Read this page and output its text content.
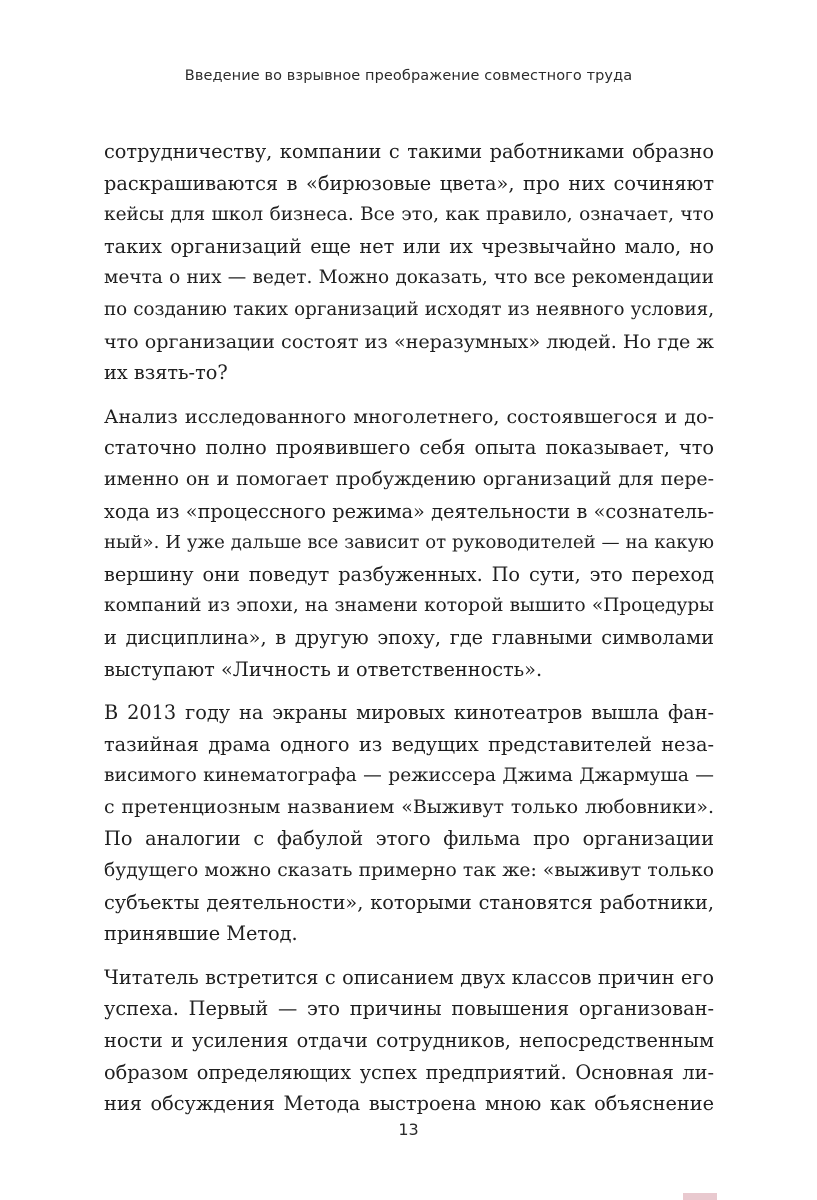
Введение во взрывное преображение совместного труда

сотрудничеству, компании с такими работниками образно
раскрашиваются в «бирюзовые цвета», про них сочиняют
кейсы для школ бизнеса. Все это, как правило, означает, что
таких организаций еще нет или их чрезвычайно мало, но
мечта о них — ведет. Можно доказать, что все рекомендации
по созданию таких организаций исходят из неявного условия,
что организации состоят из «неразумных» людей. Но где ж
их взять-то?

Анализ исследованного многолетнего, состоявшегося и до-
статочно полно проявившего себя опыта показывает, что
именно он и помогает пробуждению организаций для пере-
хода из «процессного режима» деятельности в «сознатель-
ный». И уже дальше все зависит от руководителей — на какую
вершину они поведут разбуженных. По сути, это переход
компаний из эпохи, на знамени которой вышито «Процедуры
и дисциплина», в другую эпоху, где главными символами
выступают «Личность и ответственность».

В 2013 году на экраны мировых кинотеатров вышла фан-
тазийная драма одного из ведущих представителей неза-
висимого кинематографа — режиссера Джима Джармуша —
с претенциозным названием «Выживут только любовники».
По аналогии с фабулой этого фильма про организации
будущего можно сказать примерно так же: «выживут только
субъекты деятельности», которыми становятся работники,
принявшие Метод.

Читатель встретится с описанием двух классов причин его
успеха. Первый — это причины повышения организован-
ности и усиления отдачи сотрудников, непосредственным
образом определяющих успех предприятий. Основная ли-
ния обсуждения Метода выстроена мною как объяснение

13
